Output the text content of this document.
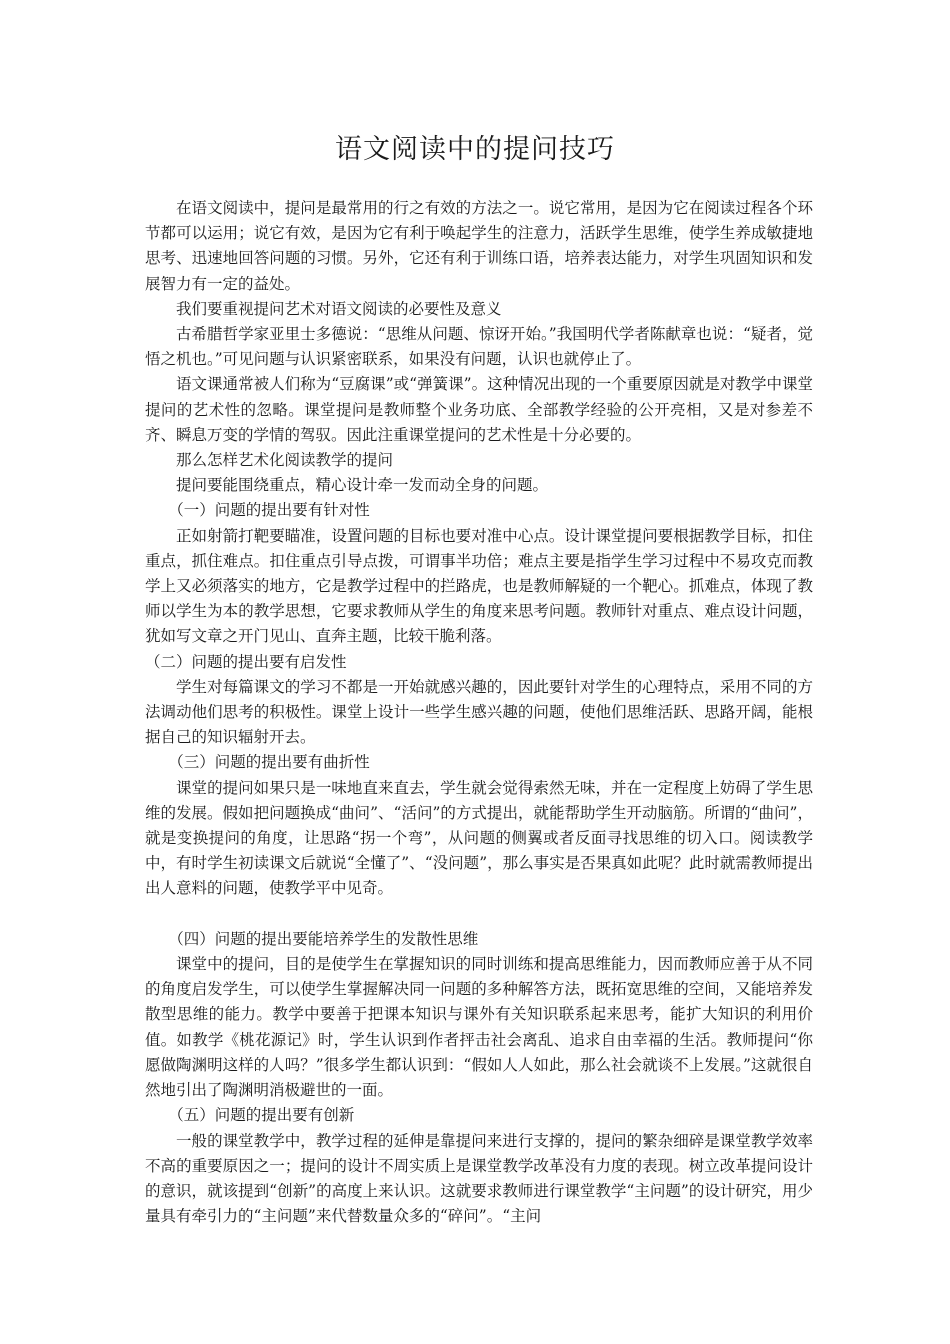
语文阅读中的提问技巧

在语文阅读中，提问是最常用的行之有效的方法之一。说它常用，是因为它在阅读过程各个环节都可以运用；说它有效，是因为它有利于唤起学生的注意力，活跃学生思维，使学生养成敏捷地思考、迅速地回答问题的习惯。另外，它还有利于训练口语，培养表达能力，对学生巩固知识和发展智力有一定的益处。

我们要重视提问艺术对语文阅读的必要性及意义

古希腊哲学家亚里士多德说：“思维从问题、惊讶开始。”我国明代学者陈献章也说：“疑者，觉悟之机也。”可见问题与认识紧密联系，如果没有问题，认识也就停止了。

语文课通常被人们称为“豆腐课”或“弹簧课”。这种情况出现的一个重要原因就是对教学中课堂提问的艺术性的忽略。课堂提问是教师整个业务功底、全部教学经验的公开亮相，又是对参差不齐、瞬息万变的学情的驾驭。因此注重课堂提问的艺术性是十分必要的。

那么怎样艺术化阅读教学的提问

提问要能围绕重点，精心设计牵一发而动全身的问题。

（一）问题的提出要有针对性

正如射箭打靶要瞄准，设置问题的目标也要对准中心点。设计课堂提问要根据教学目标，扣住重点，抓住难点。扣住重点引导点拨，可谓事半功倍；难点主要是指学生学习过程中不易攻克而教学上又必须落实的地方，它是教学过程中的拦路虎，也是教师解疑的一个靶心。抓难点，体现了教师以学生为本的教学思想，它要求教师从学生的角度来思考问题。教师针对重点、难点设计问题，犹如写文章之开门见山、直奔主题，比较干脆利落。

（二）问题的提出要有启发性

学生对每篇课文的学习不都是一开始就感兴趣的，因此要针对学生的心理特点，采用不同的方法调动他们思考的积极性。课堂上设计一些学生感兴趣的问题，使他们思维活跃、思路开阔，能根据自己的知识辐射开去。

（三）问题的提出要有曲折性

课堂的提问如果只是一味地直来直去，学生就会觉得索然无味，并在一定程度上妨碍了学生思维的发展。假如把问题换成“曲问”、“活问”的方式提出，就能帮助学生开动脑筋。所谓的“曲问”，就是变换提问的角度，让思路“拐一个弯”，从问题的侧翼或者反面寻找思维的切入口。阅读教学中，有时学生初读课文后就说“全懂了”、“没问题”，那么事实是否果真如此呢？此时就需教师提出出人意料的问题，使教学平中见奇。

（四）问题的提出要能培养学生的发散性思维

课堂中的提问，目的是使学生在掌握知识的同时训练和提高思维能力，因而教师应善于从不同的角度启发学生，可以使学生掌握解决同一问题的多种解答方法，既拓宽思维的空间，又能培养发散型思维的能力。教学中要善于把课本知识与课外有关知识联系起来思考，能扩大知识的利用价值。如教学《桃花源记》时，学生认识到作者抨击社会离乱、追求自由幸福的生活。教师提问“你愿做陶渊明这样的人吗？”很多学生都认识到：“假如人人如此，那么社会就谈不上发展。”这就很自然地引出了陶渊明消极避世的一面。

（五）问题的提出要有创新

一般的课堂教学中，教学过程的延伸是靠提问来进行支撑的，提问的繁杂细碎是课堂教学效率不高的重要原因之一；提问的设计不周实质上是课堂教学改革没有力度的表现。树立改革提问设计的意识，就该提到“创新”的高度上来认识。这就要求教师进行课堂教学“主问题”的设计研究，用少量具有牵引力的“主问题”来代替数量众多的“碎问”。“主问
